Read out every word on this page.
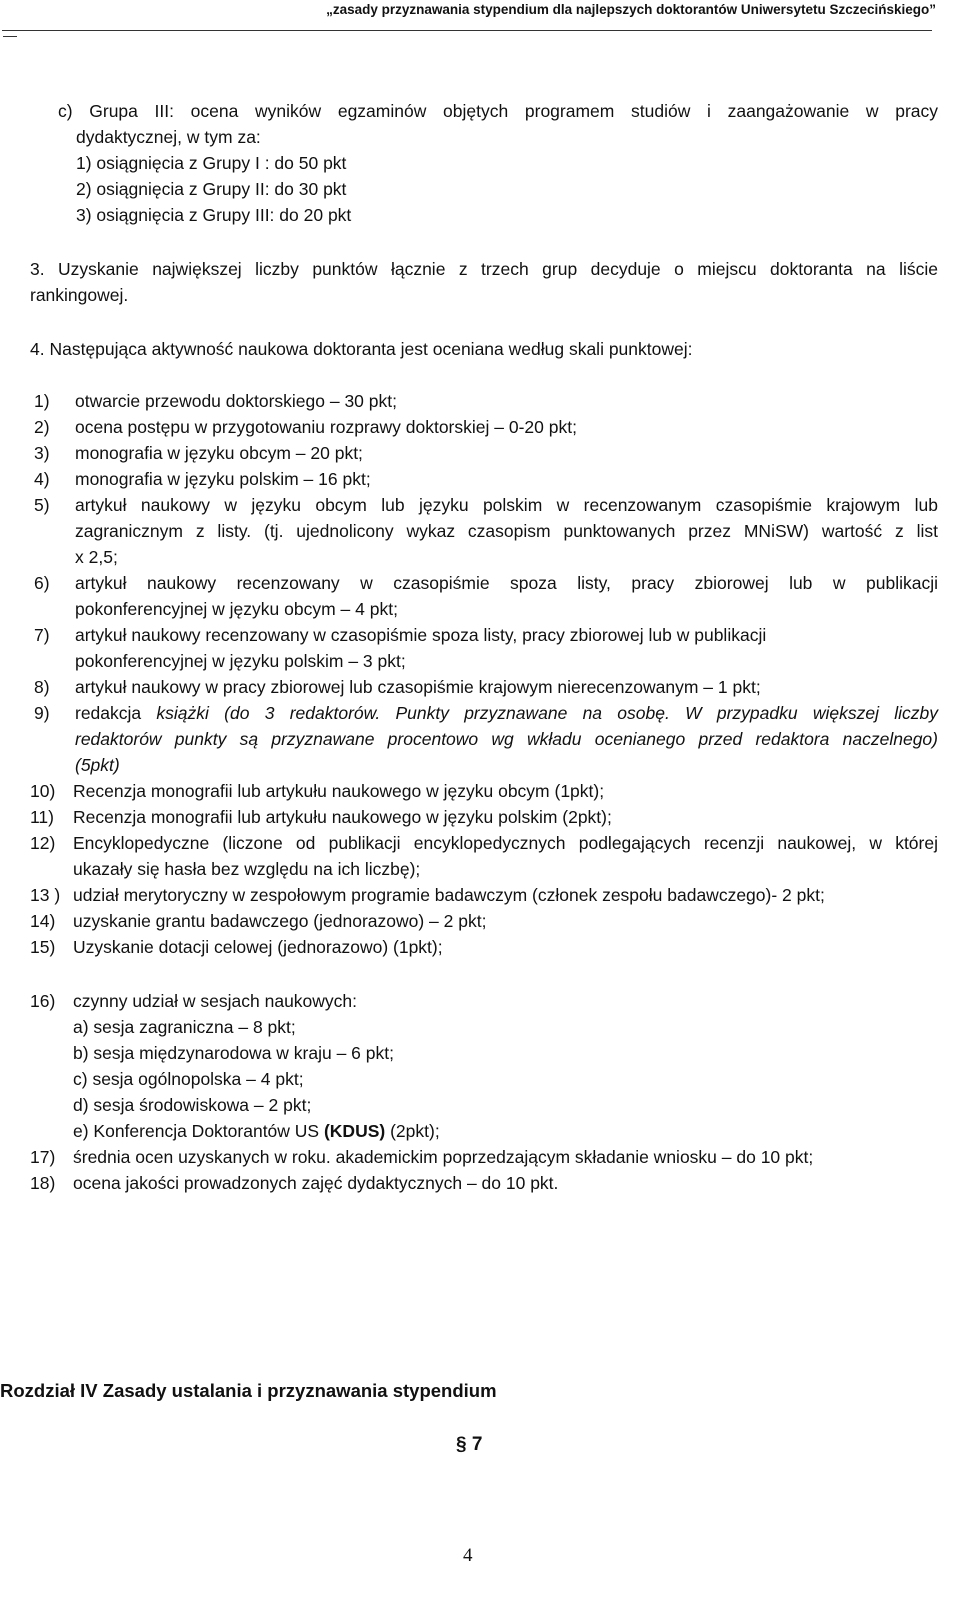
„zasady przyznawania stypendium dla najlepszych doktorantów Uniwersytetu Szczecińskiego”
c) Grupa III: ocena wyników egzaminów objętych programem studiów i zaangażowanie w pracy
dydaktycznej, w tym za:
1) osiągnięcia z Grupy I : do 50 pkt
2) osiągnięcia z Grupy II: do 30 pkt
3) osiągnięcia z Grupy III: do 20 pkt
3. Uzyskanie największej liczby punktów łącznie z trzech grup decyduje o miejscu doktoranta na liście
rankingowej.
4. Następująca aktywność naukowa doktoranta jest oceniana według skali punktowej:
1) otwarcie przewodu doktorskiego – 30 pkt;
2) ocena postępu w przygotowaniu rozprawy doktorskiej – 0-20 pkt;
3) monografia w języku obcym – 20 pkt;
4) monografia w języku polskim – 16 pkt;
5) artykuł naukowy w języku obcym lub języku polskim w recenzowanym czasopiśmie krajowym lub
zagranicznym z listy. (tj. ujednolicony wykaz czasopism punktowanych przez MNiSW) wartość z list
x 2,5;
6) artykuł naukowy recenzowany w czasopiśmie spoza listy, pracy zbiorowej lub w publikacji
pokonferencyjnej w języku obcym – 4 pkt;
7) artykuł naukowy recenzowany w czasopiśmie spoza listy, pracy zbiorowej lub w publikacji
pokonferencyjnej w języku polskim – 3 pkt;
8) artykuł naukowy w pracy zbiorowej lub czasopiśmie krajowym nierecenzowanym – 1 pkt;
9) redakcja książki (do 3 redaktorów. Punkty przyznawane na osobę. W przypadku większej liczby
redaktorów punkty są przyznawane procentowo wg wkładu ocenianego przed redaktora naczelnego)
(5pkt)
10) Recenzja monografii lub artykułu naukowego w języku obcym (1pkt);
11) Recenzja monografii lub artykułu naukowego w języku polskim (2pkt);
12) Encyklopedyczne (liczone od publikacji encyklopedycznych podlegających recenzji naukowej, w której
ukazały się hasła bez względu na ich liczbę);
13 ) udział merytoryczny w zespołowym programie badawczym (członek zespołu badawczego)- 2 pkt;
14) uzyskanie grantu badawczego (jednorazowo) – 2 pkt;
15) Uzyskanie dotacji celowej (jednorazowo) (1pkt);
16) czynny udział w sesjach naukowych:
a) sesja zagraniczna – 8 pkt;
b) sesja międzynarodowa w kraju – 6 pkt;
c) sesja ogólnopolska – 4 pkt;
d) sesja środowiskowa – 2 pkt;
e) Konferencja Doktorantów US (KDUS) (2pkt);
17) średnia ocen uzyskanych w roku. akademickim poprzedzającym składanie wniosku – do 10 pkt;
18) ocena jakości prowadzonych zajęć dydaktycznych – do 10 pkt.
Rozdział IV Zasady ustalania i przyznawania stypendium
§ 7
4
